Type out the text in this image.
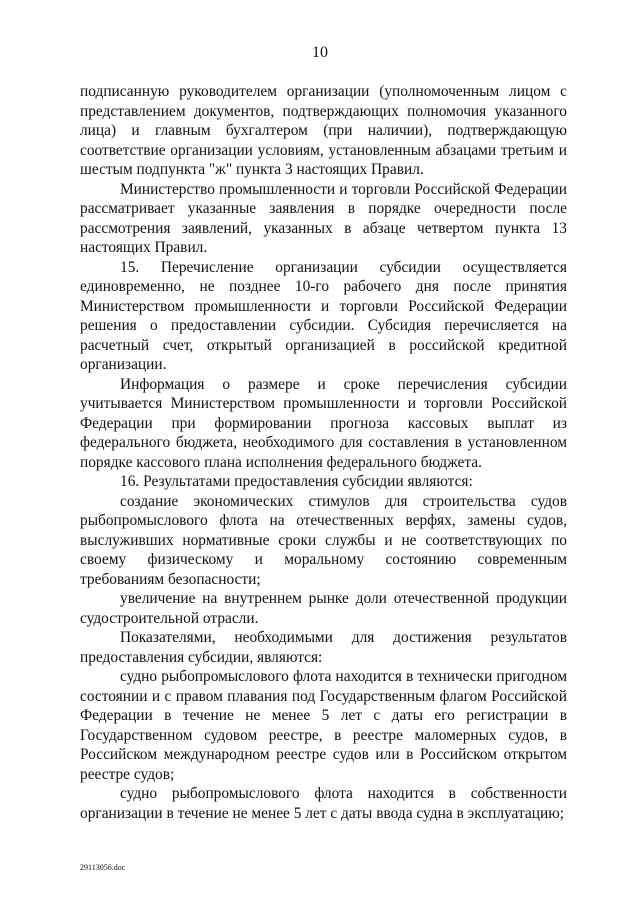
10

подписанную руководителем организации (уполномоченным лицом с представлением документов, подтверждающих полномочия указанного лица) и главным бухгалтером (при наличии), подтверждающую соответствие организации условиям, установленным абзацами третьим и шестым подпункта "ж" пункта 3 настоящих Правил.

Министерство промышленности и торговли Российской Федерации рассматривает указанные заявления в порядке очередности после рассмотрения заявлений, указанных в абзаце четвертом пункта 13 настоящих Правил.

15. Перечисление организации субсидии осуществляется единовременно, не позднее 10-го рабочего дня после принятия Министерством промышленности и торговли Российской Федерации решения о предоставлении субсидии. Субсидия перечисляется на расчетный счет, открытый организацией в российской кредитной организации.

Информация о размере и сроке перечисления субсидии учитывается Министерством промышленности и торговли Российской Федерации при формировании прогноза кассовых выплат из федерального бюджета, необходимого для составления в установленном порядке кассового плана исполнения федерального бюджета.

16. Результатами предоставления субсидии являются:

создание экономических стимулов для строительства судов рыбопромыслового флота на отечественных верфях, замены судов, выслуживших нормативные сроки службы и не соответствующих по своему физическому и моральному состоянию современным требованиям безопасности;

увеличение на внутреннем рынке доли отечественной продукции судостроительной отрасли.

Показателями, необходимыми для достижения результатов предоставления субсидии, являются:

судно рыбопромыслового флота находится в технически пригодном состоянии и с правом плавания под Государственным флагом Российской Федерации в течение не менее 5 лет с даты его регистрации в Государственном судовом реестре, в реестре маломерных судов, в Российском международном реестре судов или в Российском открытом реестре судов;

судно рыбопромыслового флота находится в собственности организации в течение не менее 5 лет с даты ввода судна в эксплуатацию;

29113056.doc
